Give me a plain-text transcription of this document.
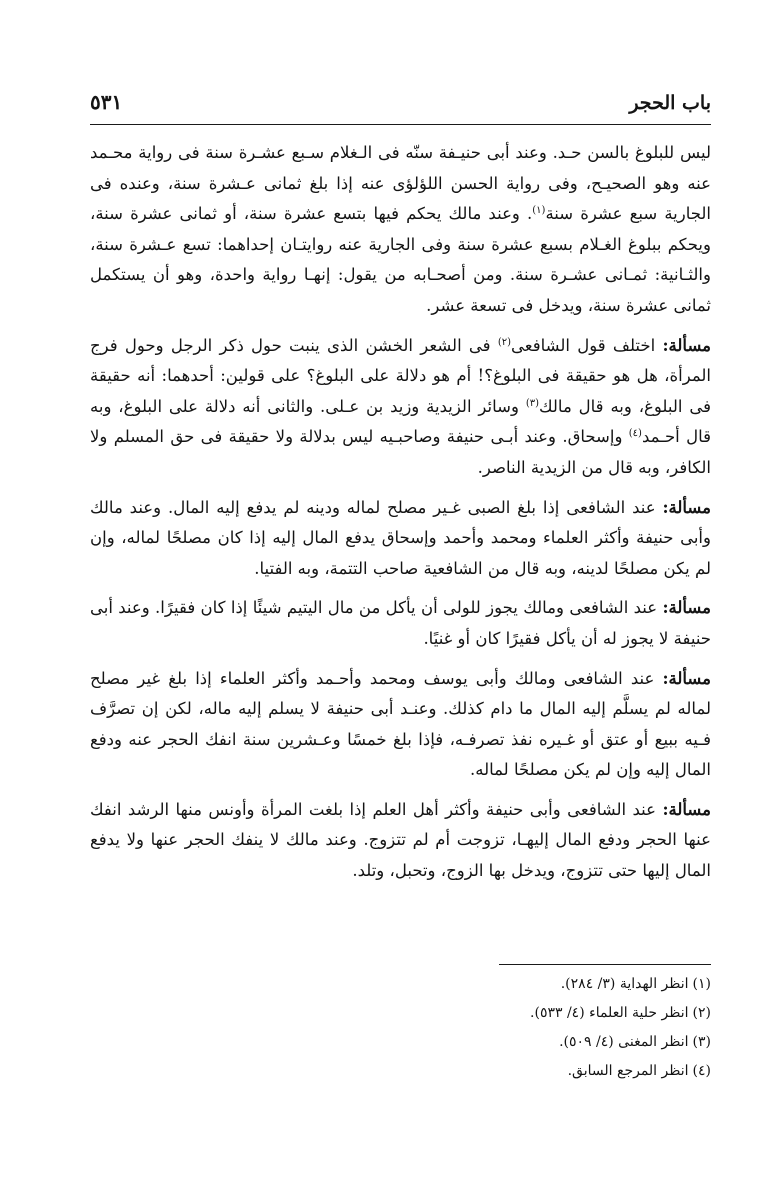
باب الحجر
٥٣١

ليس للبلوغ بالسن حـد. وعند أبى حنيـفة سنّه فى الـغلام سـبع عشـرة سنة فى رواية محـمد عنه وهو الصحيـح، وفى رواية الحسن اللؤلؤى عنه إذا بلغ ثمانى عـشرة سنة، وعنده فى الجارية سبع عشرة سنة$^{(١)}$. وعند مالك يحكم فيها بتسع عشرة سنة، أو ثمانى عشرة سنة، ويحكم ببلوغ الغـلام بسبع عشرة سنة وفى الجارية عنه روايتـان إحداهما: تسع عـشرة سنة، والثـانية: ثمـانى عشـرة سنة. ومن أصحـابه من يقول: إنهـا رواية واحدة، وهو أن يستكمل ثمانى عشرة سنة، ويدخل فى تسعة عشر.

مسألة: اختلف قول الشافعى$^{(٢)}$ فى الشعر الخشن الذى ينبت حول ذكر الرجل وحول فرج المرأة، هل هو حقيقة فى البلوغ؟! أم هو دلالة على البلوغ؟ على قولين: أحدهما: أنه حقيقة فى البلوغ، وبه قال مالك$^{(٣)}$ وسائر الزيدية وزيد بن عـلى. والثانى أنه دلالة على البلوغ، وبه قال أحـمد$^{(٤)}$ وإسحاق. وعند أبـى حنيفة وصاحبـيه ليس بدلالة ولا حقيقة فى حق المسلم ولا الكافر، وبه قال من الزيدية الناصر.

مسألة: عند الشافعى إذا بلغ الصبى غـير مصلح لماله ودينه لم يدفع إليه المال. وعند مالك وأبى حنيفة وأكثر العلماء ومحمد وأحمد وإسحاق يدفع المال إليه إذا كان مصلحًا لماله، وإن لم يكن مصلحًا لدينه، وبه قال من الشافعية صاحب التتمة، وبه الفتيا.

مسألة: عند الشافعى ومالك يجوز للولى أن يأكل من مال اليتيم شيئًا إذا كان فقيرًا. وعند أبى حنيفة لا يجوز له أن يأكل فقيرًا كان أو غنيًا.

مسألة: عند الشافعى ومالك وأبى يوسف ومحمد وأحـمد وأكثر العلماء إذا بلغ غير مصلح لماله لم يسلَّم إليه المال ما دام كذلك. وعنـد أبى حنيفة لا يسلم إليه ماله، لكن إن تصرَّف فـيه ببيع أو عتق أو غـيره نفذ تصرفـه، فإذا بلغ خمسًا وعـشرين سنة انفك الحجر عنه ودفع المال إليه وإن لم يكن مصلحًا لماله.

مسألة: عند الشافعى وأبى حنيفة وأكثر أهل العلم إذا بلغت المرأة وأونس منها الرشد انفك عنها الحجر ودفع المال إليهـا، تزوجت أم لم تتزوج. وعند مالك لا ينفك الحجر عنها ولا يدفع المال إليها حتى تتزوج، ويدخل بها الزوج، وتحبل، وتلد.

(١)انظر الهداية (٣/ ٢٨٤).

(٢)انظر حلية العلماء (٤/ ٥٣٣).

(٣)انظر المغنى (٤/ ٥٠٩).

(٤)انظر المرجع السابق.
